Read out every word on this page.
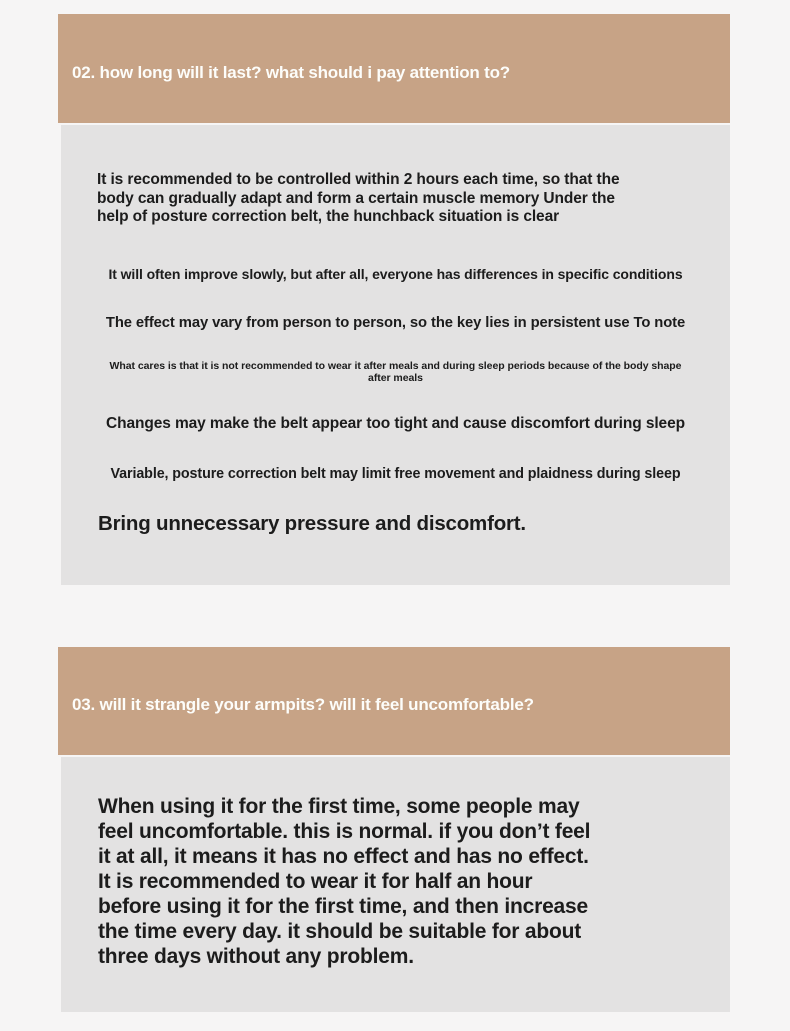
02. how long will it last? what should i pay attention to?

It is recommended to be controlled within 2 hours each time, so that the
body can gradually adapt and form a certain muscle memory Under the
help of posture correction belt, the hunchback situation is clear

It will often improve slowly, but after all, everyone has differences in specific conditions

The effect may vary from person to person, so the key lies in persistent use To note

What cares is that it is not recommended to wear it after meals and during sleep periods because of the body shape
after meals

Changes may make the belt appear too tight and cause discomfort during sleep

Variable, posture correction belt may limit free movement and plaidness during sleep

Bring unnecessary pressure and discomfort.

03. will it strangle your armpits? will it feel uncomfortable?

When using it for the first time, some people may
feel uncomfortable. this is normal. if you don’t feel
it at all, it means it has no effect and has no effect.
It is recommended to wear it for half an hour
before using it for the first time, and then increase
the time every day. it should be suitable for about
three days without any problem.
